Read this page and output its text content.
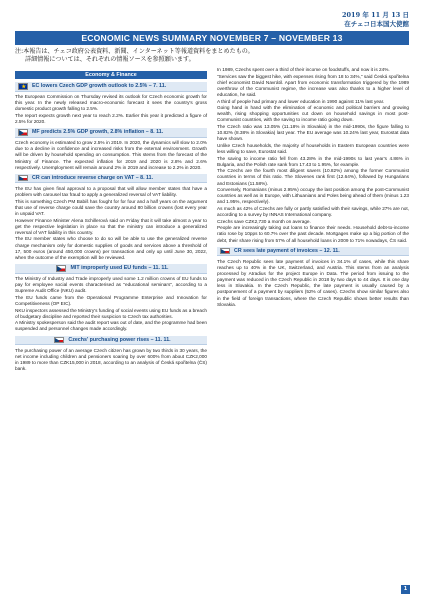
2019 年 11 月 13 日
在チェコ日本国大使館
ECONOMIC NEWS SUMMARY NOVEMBER 7 – NOVEMBER 13

注:本報告は、チェコ政府公表資料、新聞、インターネット等報道資料をまとめたもの。

詳細情報については、それぞれの情報ソースを参照願います。

Economy & Finance
★
EC lowers Czech GDP growth outlook to 2.5% – 7. 11.

The European Commission on Thursday revised its outlook for Czech economic growth for this year. In the newly released macro-economic forecast it sees the country's gross domestic product growth falling to 2.5%.

The report expects growth next year to reach 2.2%. Earlier this year it predicted a figure of 2.5% for 2020.

MF predicts 2.5% GDP growth, 2.8% inflation – 8. 11.

Czech economy is estimated to grow 2.5% in 2019. In 2020, the dynamics will slow to 2.0% due to a decline in confidence and increased risks from the external environment. Growth will be driven by household spending on consumption. This stems from the forecast of the Ministry of Finance. The expected inflation for 2019 and 2020 is 2.8% and 2.6% respectively. Unemployment will remain around 2% in 2019 and increase to 2.2% in 2020.

CR can introduce reverse charge on VAT – 8. 11.

The EU has given final approval to a proposal that will allow member states that have a problem with carousel tax fraud to apply a generalized reversal of VAT liability.

This is something Czech PM Babiš has fought for for four and a half years on the argument that use of reverse charge could save the country around 80 billion crowns (lost every year in unpaid VAT.

However Finance Minister Alena Schillerová said on Friday that it will take almost a year to get the respective legislation in place so that the ministry can introduce a generalized reversal of VAT liability in this country.

The EU member states who choose to do so will be able to use the generalized reverse charge mechanism only for domestic supplies of goods and services above a threshold of 17, 500 euros (around 450,000 crowns) per transaction and only up until June 30, 2022, when the outcome of the exemption will be reviewed.

MIT improperly used EU funds – 11. 11.

The Ministry of Industry and Trade improperly used some 1.2 million crowns of EU funds to pay for employee social events characterised as "educational seminars", according to a Supreme Audit Office (NKU) audit.

The EU funds came from the Operational Programme Enterprise and Innovation for Competitiveness (OP EIC).

NKU inspectors assessed the Ministry's funding of social events using EU funds as a breach of budgetary discipline and reported their suspicion to Czech tax authorities.

A Ministry spokesperson said the audit report was out of date, and the programme had been suspended and personnel changes made accordingly.

Czechs' purchasing power rises – 11. 11.

The purchasing power of an average Czech citizen has grown by two thirds in 30 years, the net income including children and pensioners soaring by over 600% from about CZK2,000 in 1989 to more than CZK15,000 in 2018, according to an analysis of Česká spořitelna (ČS) bank.

In 1989, Czechs spent over a third of their income on foodstuffs, and now it is 24%.

"Services saw the biggest hike, with expenses rising from 18 to 34%," said Česká spořitelna chief economist David Navrátil. Apart from economic transformation triggered by the 1989 overthrow of the Communist regime, the increase was also thanks to a higher level of education, he said.

A third of people had primary and lower education in 1990 against 11% last year.

Going hand in hand with the elimination of economic and political barriers and growing wealth, rising shopping opportunities cut down on household savings in most post-Communist countries, with the saving to income ratio going down.

The Czech ratio was 13.05% (11.18% in Slovakia) in the mid-1990s, the figure falling to 10.82% (8.38% in Slovakia) last year. The EU average was 10.24% last year, Eurostat data have shown.

Unlike Czech households, the majority of households in Eastern European countries were less willing to save, Eurostat said.

The saving to income ratio fell from 43.28% in the mid-1990s to last year's 4.86% in Bulgaria, and the Polish rate sank from 17.43 to 1.95%, for example.

The Czechs are the fourth most diligent savers (10.82%) among the former Communist countries in terms of this ratio. The Slovenes rank first (12.64%), followed by Hungarians and Estonians (11.58%).

Conversely, Romanians (minus 2.95%) occupy the last position among the post-Communist countries as well as in Europe, with Lithuanians and Poles being ahead of them (minus 1.23 and 1.95%, respectively).

As much as 42% of Czechs are fully or partly satisfied with their savings, while 27% are not, according to a survey by INNAS International company.

Czechs save CZK2,730 a month on average.

People are increasingly taking out loans to finance their needs. Household debt-to-income ratio rose by 10pps to 60.7% over the past decade. Mortgages make up a big portion of the debt, their share rising from 57% of all household loans in 2009 to 71% nowadays, ČS said.

CR sees late payment of invoices – 12. 11.

The Czech Republic sees late payment of invoices in 34.1% of cases, while this share reaches up to 40% in the UK, Switzerland, and Austria. This stems from an analysis processed by Atradius for the project Europe in Data. The period from issuing to the payment was reduced in the Czech Republic in 2018 by two days to 44 days. It is one day less in Slovakia. In the Czech Republic, the late payment is usually caused by a postponement of a payment by suppliers (52% of cases). Czechs show similar figures also in the field of foreign transactions, where the Czech Republic shows better results than Slovakia.

1
